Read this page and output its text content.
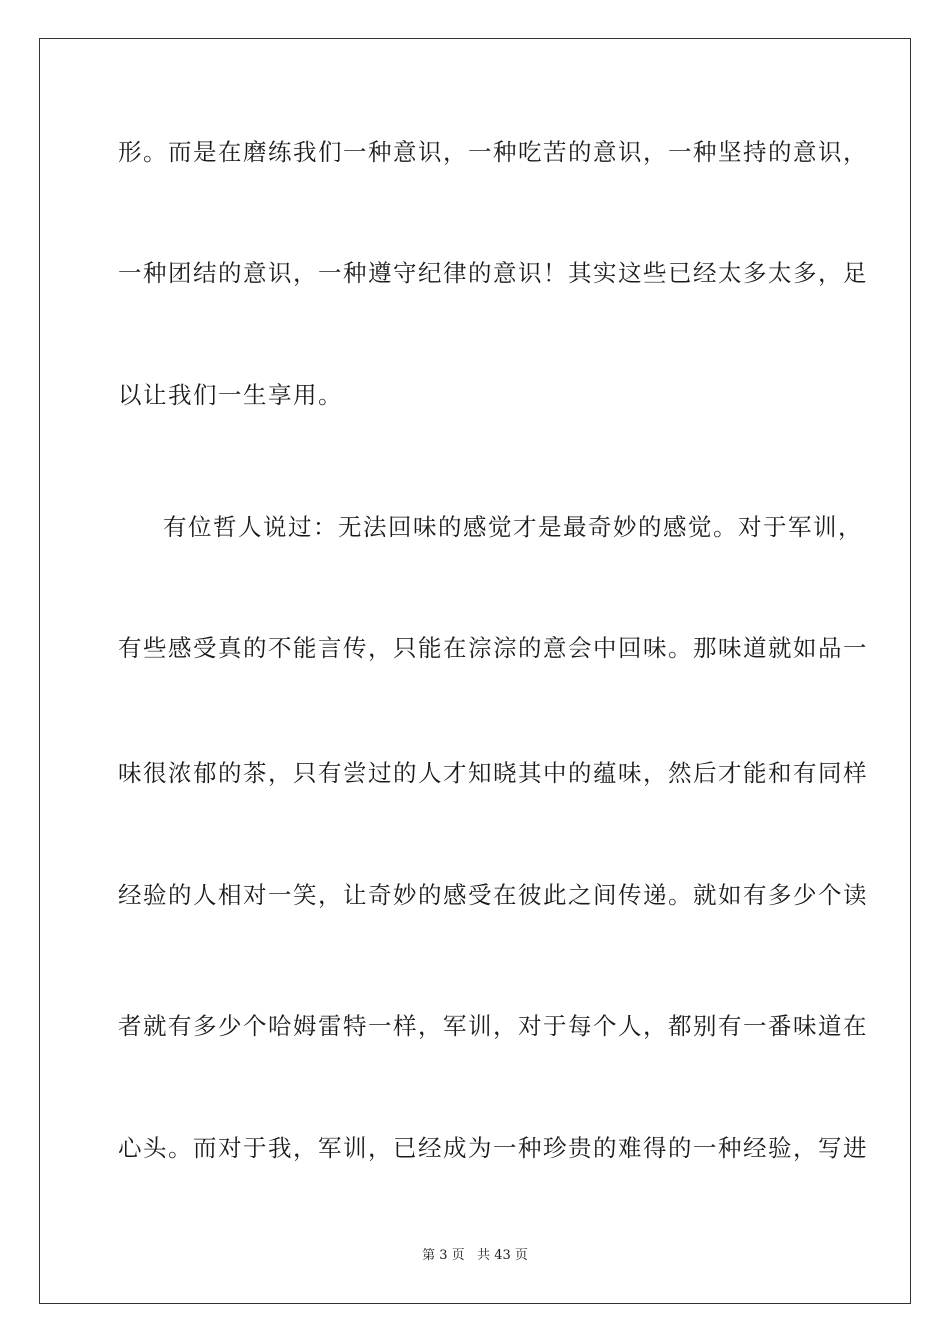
形。而是在磨练我们一种意识，一种吃苦的意识，一种坚持的意识，
一种团结的意识，一种遵守纪律的意识！其实这些已经太多太多，足
以让我们一生享用。
有位哲人说过：无法回味的感觉才是最奇妙的感觉。对于军训，
有些感受真的不能言传，只能在淙淙的意会中回味。那味道就如品一
味很浓郁的茶，只有尝过的人才知晓其中的蕴味，然后才能和有同样
经验的人相对一笑，让奇妙的感受在彼此之间传递。就如有多少个读
者就有多少个哈姆雷特一样，军训，对于每个人，都别有一番味道在
心头。而对于我，军训，已经成为一种珍贵的难得的一种经验，写进
第 3 页   共 43 页
